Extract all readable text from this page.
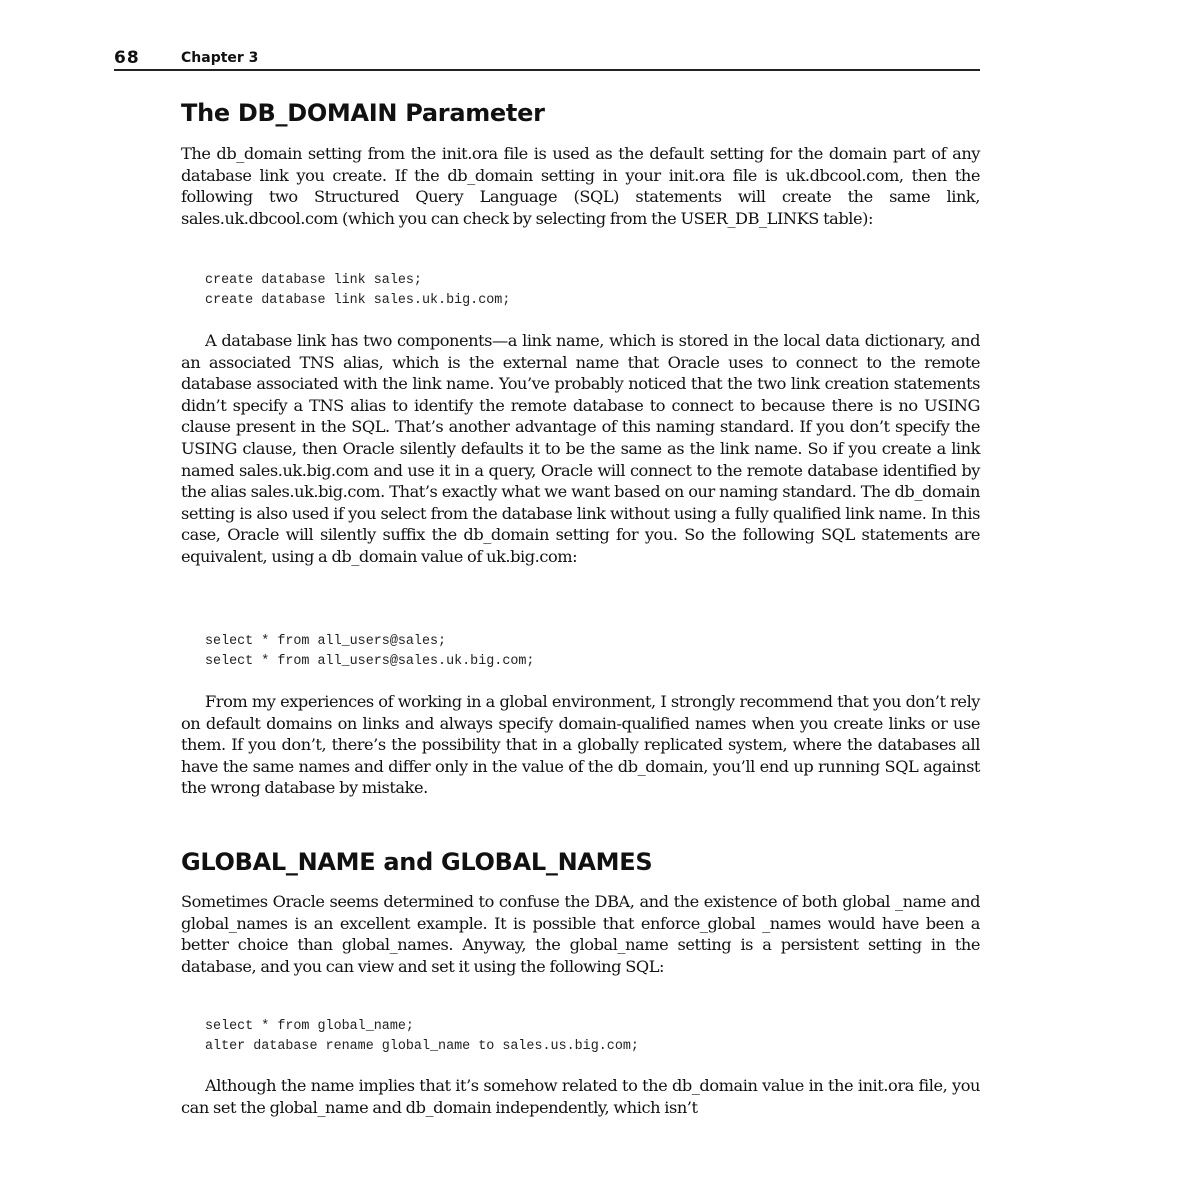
68	Chapter 3
The DB_DOMAIN Parameter

The db_domain setting from the init.ora file is used as the default setting for the domain part of any database link you create. If the db_domain setting in your init.ora file is uk.dbcool.com, then the following two Structured Query Language (SQL) statements will create the same link, sales.uk.dbcool.com (which you can check by selecting from the USER_DB_LINKS table):

create database link sales;
create database link sales.uk.big.com;

A database link has two components—a link name, which is stored in the local data dictionary, and an associated TNS alias, which is the external name that Oracle uses to connect to the remote database associated with the link name. You’ve probably noticed that the two link creation statements didn’t specify a TNS alias to identify the remote database to connect to because there is no USING clause present in the SQL. That’s another advantage of this naming standard. If you don’t specify the USING clause, then Oracle silently defaults it to be the same as the link name. So if you create a link named sales.uk.big.com and use it in a query, Oracle will connect to the remote database identified by the alias sales.uk.big.com. That’s exactly what we want based on our naming standard. The db_domain setting is also used if you select from the database link without using a fully qualified link name. In this case, Oracle will silently suffix the db_domain setting for you. So the following SQL statements are equivalent, using a db_domain value of uk.big.com:

select * from all_users@sales;
select * from all_users@sales.uk.big.com;

From my experiences of working in a global environment, I strongly recommend that you don’t rely on default domains on links and always specify domain-qualified names when you create links or use them. If you don’t, there’s the possibility that in a globally replicated system, where the databases all have the same names and differ only in the value of the db_domain, you’ll end up running SQL against the wrong database by mistake.

GLOBAL_NAME and GLOBAL_NAMES

Sometimes Oracle seems determined to confuse the DBA, and the existence of both global _name and global_names is an excellent example. It is possible that enforce_global _names would have been a better choice than global_names. Anyway, the global_name setting is a persistent setting in the database, and you can view and set it using the following SQL:

select * from global_name;
alter database rename global_name to sales.us.big.com;

Although the name implies that it’s somehow related to the db_domain value in the init.ora file, you can set the global_name and db_domain independently, which isn’t
